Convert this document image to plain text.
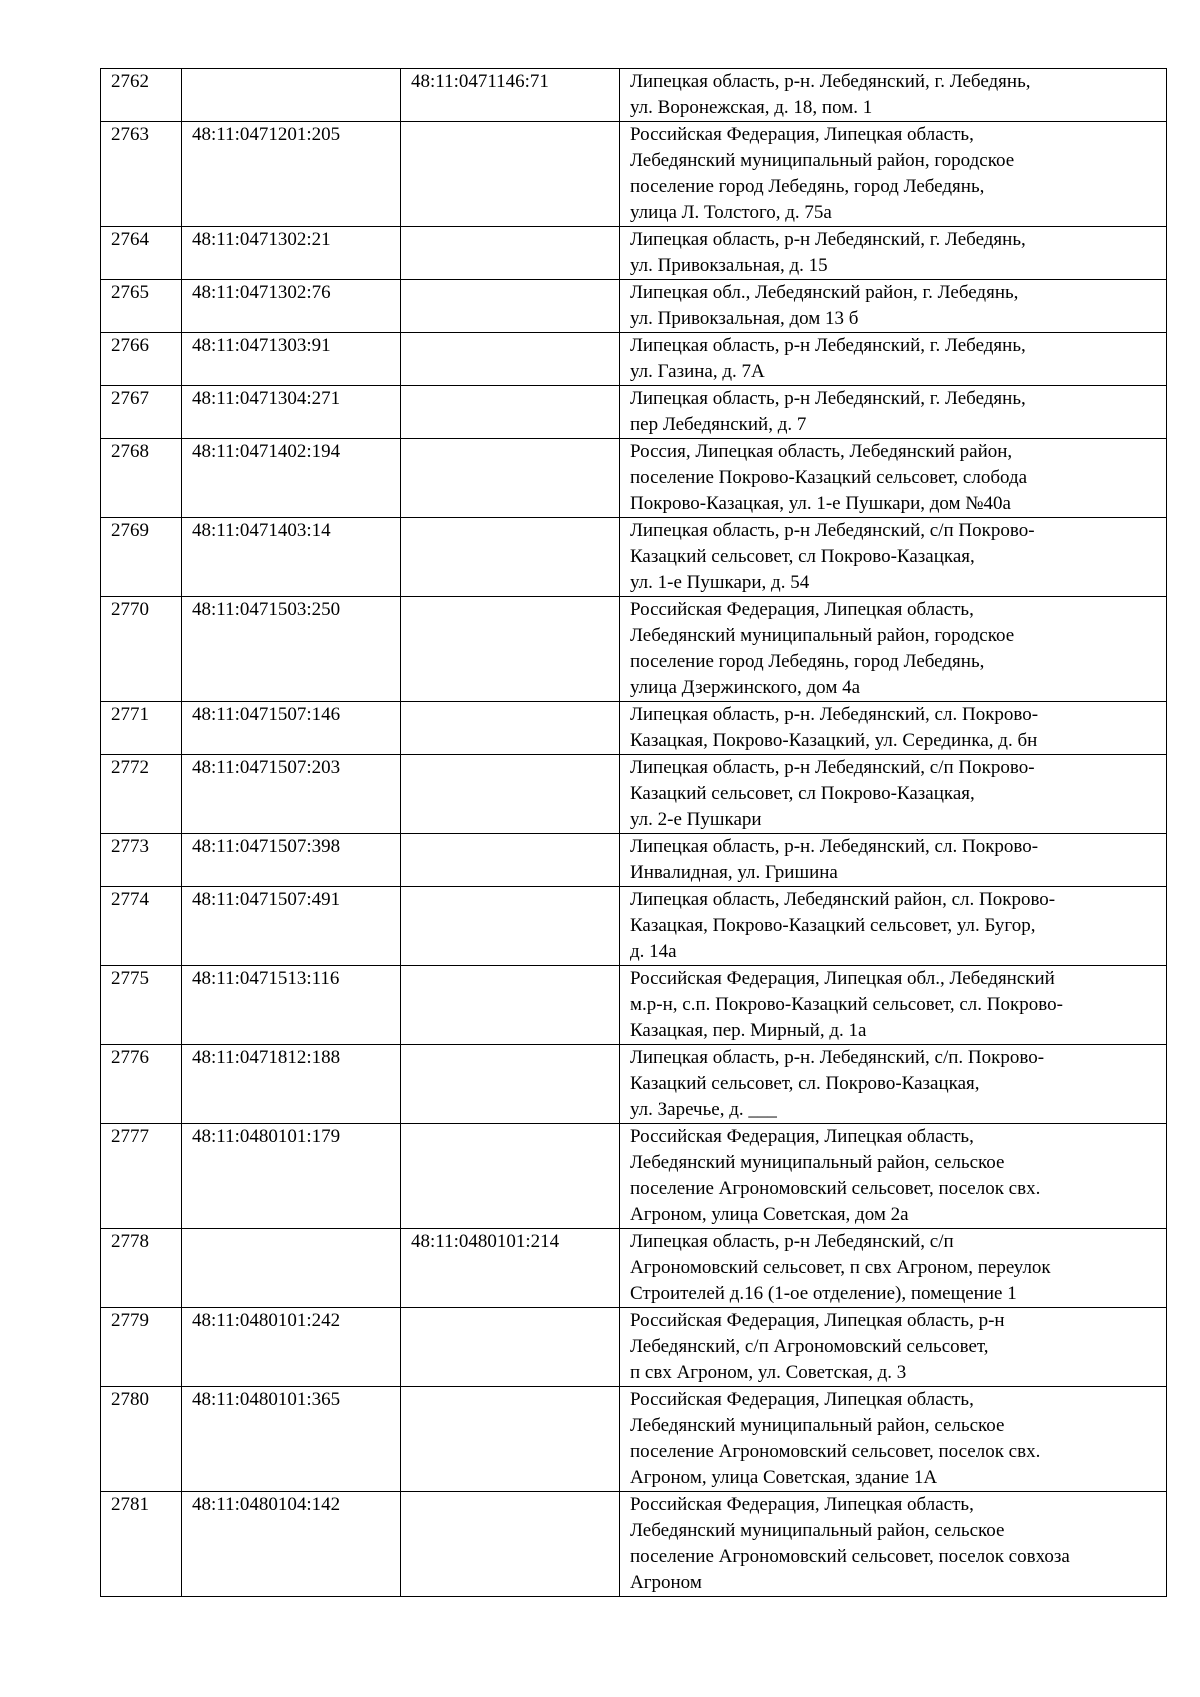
2762		48:11:0471146:71	Липецкая область, р-н. Лебедянский, г. Лебедянь,
ул. Воронежская, д. 18, пом. 1

2763	48:11:0471201:205		Российская Федерация, Липецкая область,
Лебедянский муниципальный район, городское
поселение город Лебедянь, город Лебедянь,
улица Л. Толстого, д. 75а

2764	48:11:0471302:21		Липецкая область, р-н Лебедянский, г. Лебедянь,
ул. Привокзальная, д. 15

2765	48:11:0471302:76		Липецкая обл., Лебедянский район, г. Лебедянь,
ул. Привокзальная, дом 13 б

2766	48:11:0471303:91		Липецкая область, р-н Лебедянский, г. Лебедянь,
ул. Газина, д. 7А

2767	48:11:0471304:271		Липецкая область, р-н Лебедянский, г. Лебедянь,
пер Лебедянский, д. 7

2768	48:11:0471402:194		Россия, Липецкая область, Лебедянский район,
поселение Покрово-Казацкий сельсовет, слобода
Покрово-Казацкая, ул. 1-е Пушкари, дом №40а

2769	48:11:0471403:14		Липецкая область, р-н Лебедянский, с/п Покрово-
Казацкий сельсовет, сл Покрово-Казацкая,
ул. 1-е Пушкари, д. 54

2770	48:11:0471503:250		Российская Федерация, Липецкая область,
Лебедянский муниципальный район, городское
поселение город Лебедянь, город Лебедянь,
улица Дзержинского, дом 4а

2771	48:11:0471507:146		Липецкая область, р-н. Лебедянский, сл. Покрово-
Казацкая, Покрово-Казацкий, ул. Серединка, д. бн

2772	48:11:0471507:203		Липецкая область, р-н Лебедянский, с/п Покрово-
Казацкий сельсовет, сл Покрово-Казацкая,
ул. 2-е Пушкари

2773	48:11:0471507:398		Липецкая область, р-н. Лебедянский, сл. Покрово-
Инвалидная, ул. Гришина

2774	48:11:0471507:491		Липецкая область, Лебедянский район, сл. Покрово-
Казацкая, Покрово-Казацкий сельсовет, ул. Бугор,
д. 14а

2775	48:11:0471513:116		Российская Федерация, Липецкая обл., Лебедянский
м.р-н, с.п. Покрово-Казацкий сельсовет, сл. Покрово-
Казацкая, пер. Мирный, д. 1а

2776	48:11:0471812:188		Липецкая область, р-н. Лебедянский, с/п. Покрово-
Казацкий сельсовет, сл. Покрово-Казацкая,
ул. Заречье, д. ___

2777	48:11:0480101:179		Российская Федерация, Липецкая область,
Лебедянский муниципальный район, сельское
поселение Агрономовский сельсовет, поселок свх.
Агроном, улица Советская, дом 2а

2778		48:11:0480101:214	Липецкая область, р-н Лебедянский, с/п
Агрономовский сельсовет, п свх Агроном, переулок
Строителей д.16 (1-ое отделение), помещение 1

2779	48:11:0480101:242		Российская Федерация, Липецкая область, р-н
Лебедянский, с/п Агрономовский сельсовет,
п свх Агроном, ул. Советская, д. 3

2780	48:11:0480101:365		Российская Федерация, Липецкая область,
Лебедянский муниципальный район, сельское
поселение Агрономовский сельсовет, поселок свх.
Агроном, улица Советская, здание 1А

2781	48:11:0480104:142		Российская Федерация, Липецкая область,
Лебедянский муниципальный район, сельское
поселение Агрономовский сельсовет, поселок совхоза
Агроном
